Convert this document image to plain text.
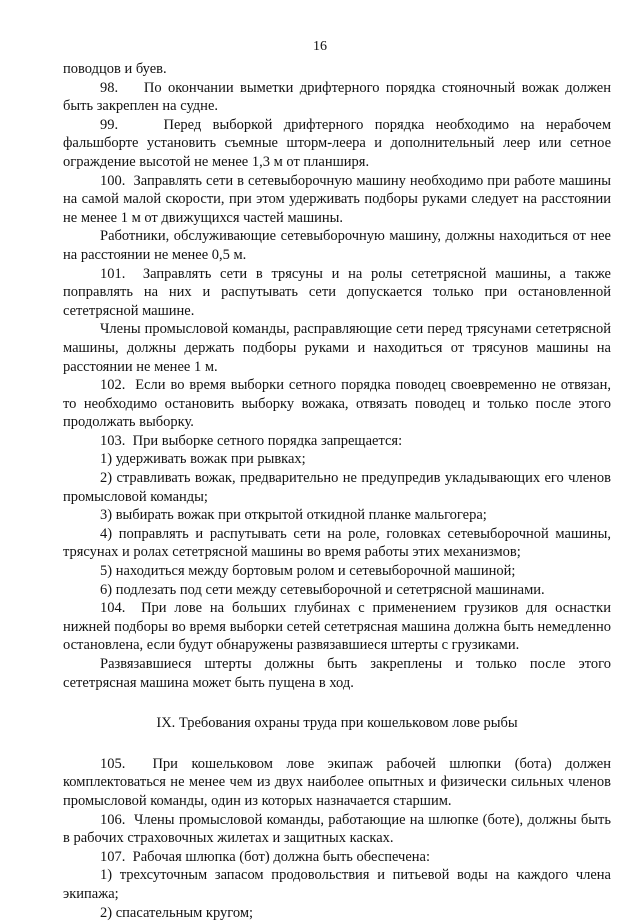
16

поводцов и буев.

98.    По окончании выметки дрифтерного порядка стояночный вожак должен быть закреплен на судне.

99.    Перед выборкой дрифтерного порядка необходимо на нерабочем фальшборте установить съемные шторм-леера и дополнительный леер или сетное ограждение высотой не менее 1,3 м от планширя.

100.  Заправлять сети в сетевыборочную машину необходимо при работе машины на самой малой скорости, при этом удерживать подборы руками следует на расстоянии не менее 1 м от движущихся частей машины.

Работники, обслуживающие сетевыборочную машину, должны находиться от нее на расстоянии не менее 0,5 м.

101.  Заправлять сети в трясуны и на ролы сететрясной машины, а также поправлять на них и распутывать сети допускается только при остановленной сететрясной машине.

Члены промысловой команды, расправляющие сети перед трясунами сететрясной машины, должны держать подборы руками и находиться от трясунов машины на расстоянии не менее 1 м.

102.  Если во время выборки сетного порядка поводец своевременно не отвязан, то необходимо остановить выборку вожака, отвязать поводец и только после этого продолжать выборку.

103.  При выборке сетного порядка запрещается:

1) удерживать вожак при рывках;

2) стравливать вожак, предварительно не предупредив укладывающих его членов промысловой команды;

3) выбирать вожак при открытой откидной планке мальгогера;

4) поправлять и распутывать сети на роле, головках сетевыборочной машины, трясунах и ролах сететрясной машины во время работы этих механизмов;

5) находиться между бортовым ролом и сетевыборочной машиной;

6) подлезать под сети между сетевыборочной и сететрясной машинами.

104.  При лове на больших глубинах с применением грузиков для оснастки нижней подборы во время выборки сетей сететрясная машина должна быть немедленно остановлена, если будут обнаружены развязавшиеся штерты с грузиками.

Развязавшиеся штерты должны быть закреплены и только после этого сететрясная машина может быть пущена в ход.

IX. Требования охраны труда при кошельковом лове рыбы

105.  При кошельковом лове экипаж рабочей шлюпки (бота) должен комплектоваться не менее чем из двух наиболее опытных и физически сильных членов промысловой команды, один из которых назначается старшим.

106.  Члены промысловой команды, работающие на шлюпке (боте), должны быть в рабочих страховочных жилетах и защитных касках.

107.  Рабочая шлюпка (бот) должна быть обеспечена:

1) трехсуточным запасом продовольствия и питьевой воды на каждого члена экипажа;

2) спасательным кругом;
